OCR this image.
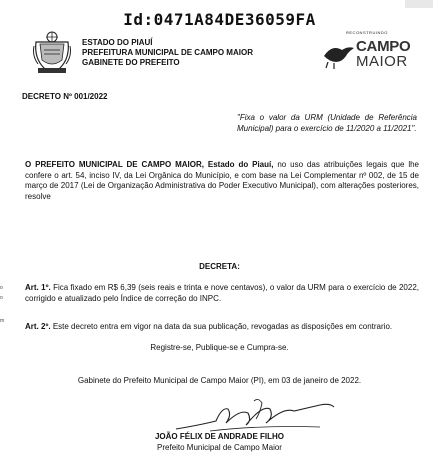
Id:0471A84DE36059FA
ESTADO DO PIAUÍ
PREFEITURA MUNICIPAL DE CAMPO MAIOR
GABINETE DO PREFEITO
RECONSTRUINDO
CAMPO
MAIOR
DECRETO Nº 001/2022
"Fixa o valor da URM (Unidade de Referência Municipal) para o exercício de 11/2020 a 11/2021".
O PREFEITO MUNICIPAL DE CAMPO MAIOR, Estado do Piauí, no uso das atribuições legais que lhe confere o art. 54, inciso IV, da Lei Orgânica do Município, e com base na Lei Complementar nº 002, de 15 de março de 2017 (Lei de Organização Administrativa do Poder Executivo Municipal), com alterações posteriores, resolve
DECRETA:
Art. 1º. Fica fixado em R$ 6,39 (seis reais e trinta e nove centavos), o valor da URM para o exercício de 2022, corrigido e atualizado pelo Índice de correção do INPC.
Art. 2º. Este decreto entra em vigor na data da sua publicação, revogadas as disposições em contrario.
Registre-se, Publique-se e Cumpra-se.
Gabinete do Prefeito Municipal de Campo Maior (PI), em 03 de janeiro de 2022.
JOÃO FÉLIX DE ANDRADE FILHO
Prefeito Municipal de Campo Maior
o
o
m
